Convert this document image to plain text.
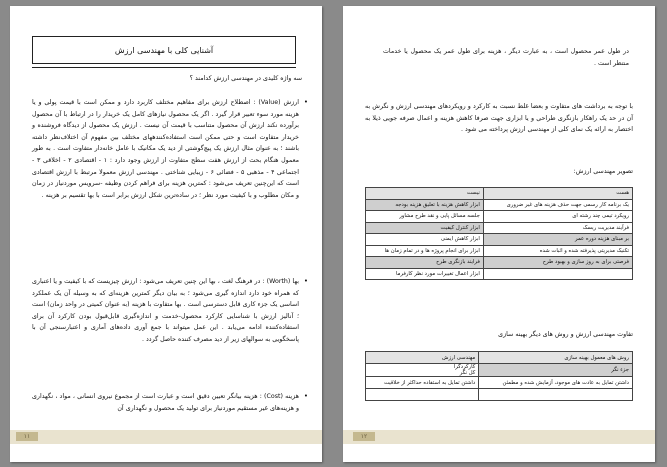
آشنایی کلی با مهندسی ارزش
سه واژه کلیدی در مهندسی ارزش کدامند ؟
• ارزش (Value) : اصطلاح ارزش برای مفاهیم مختلف کاربرد دارد و ممکن است با قیمت پولی و یا هزینه مورد سوء تعبیر قرار گیرد . اگر یک محصول نیازهای کامل یک خریدار را در ارتباط با آن محصول برآورده نکند ارزش آن محصول متناسب با قیمت آن نیست . ارزش یک محصول از دیدگاه فروشنده و خریدار متفاوت است و حتی ممکن است استفاده‌کنندههای مختلف بین مفهوم آن اختلاف‌نظر داشته باشند ؛ به عنوان مثال ارزش یک پیچ‌گوشتی از دید یک مکانیک با عامل خانه‌دار متفاوت است . به طور معمول هنگام بحث از ارزش هفت سطح متفاوت از ارزش وجود دارد : ۱ - اقتصادی ۲ - اخلاقی ۳ - اجتماعی ۴ - مذهبی ۵ - فضائی ۶ - زیبایی شناختی . مهندسی ارزش معمولا مرتبط با ارزش اقتصادی است که این‌چنین تعریف می‌شود : کمترین هزینه برای فراهم کردن وظیفه -سرویس موردنیاز در زمان و مکان مطلوب و با کیفیت مورد نظر ؛ در ساده‌ترین شکل ارزش برابر است با بها تقسیم بر هزینه .
• بها (Worth) : در فرهنگ لغت ، بها این چنین تعریف می‌شود : ارزش چیزیست که با کیفیت و یا اعتباری که همراه خود دارد اندازه گیری می‌شود ؛ به بیان دیگر کمترین هزینه‌ای که به وسیله آن یک عملکرد اساسی یک جزء کاری قابل دسترسی است . بها متفاوت با هزینه (به عنوان کمیتی در واحد زمان) است ؛ آنالیز ارزش با شناسایی کارکرد محصول-خدمت و اندازه‌گیری قابل‌قبول بودن کارکرد آن برای استفاده‌کننده ادامه می‌یابد . این عمل میتواند با جمع آوری داده‌های آماری و اعتبارسنجی آن با پاسخگویی به سوالهای زیر از دید مصرف کننده حاصل گردد .
• هزینه (Cost) : هزینه بیانگر تعیین دقیق است و عبارت است از مجموع نیروی انسانی ، مواد ، نگهداری و هزینه‌های غیر مستقیم موردنیاز برای تولید یک محصول و نگهداری آن
۱۱
در طول عمر محصول است ، به عبارت دیگر ، هزینه برای طول عمر یک محصول یا خدمات منتظر است .
با توجه به برداشت های متفاوت و بعضا غلط نسبت به کارکرد و رویکردهای مهندسی ارزش و نگرش به آن در حد یک راهکار بازنگری طراحی و یا ابزاری جهت صرفا کاهش هزینه و اعمال صرفه جویی ذیلا به اختصار به ارائه یک نمای کلی از مهندسی ارزش پرداخته می شود .
تصویر مهندسی ارزش:
هست	نیست
یک برنامه کار رسمی جهت حذف هزینه های غیر ضروری	ابزار کاهش هزینه با تعلیق هزینه بودجه
رویکرد تیمی چند رشته ای	جلسه مسائل پایی و نقد طرح مشاور
فرآیند مدیریت ریسک	ابزار کنترل کیفیت
بر مبنای هزینه دوره عمر	ابزار کاهش ایمنی
تکنیک مدیریتی پذیرفته شده و اثبات شده	ابزار برای انجام پروژه ها و در تمام زمان ها
فرصتی برای به روز سازی و بهبود طرح	فرایند بازنگری طرح
	ابزار اعمال تغییرات مورد نظر کارفرما
تفاوت مهندسی ارزش و روش های دیگر بهینه سازی
روش های معمول بهینه سازی	مهندسی ارزش
جزء نگر	کارکردگرا
کل نگر
داشتن تمایل به عادت های موجود، آزمایش شده و مطمئن	داشتن تمایل به استفاده حداکثر از خلاقیت

۱۲
